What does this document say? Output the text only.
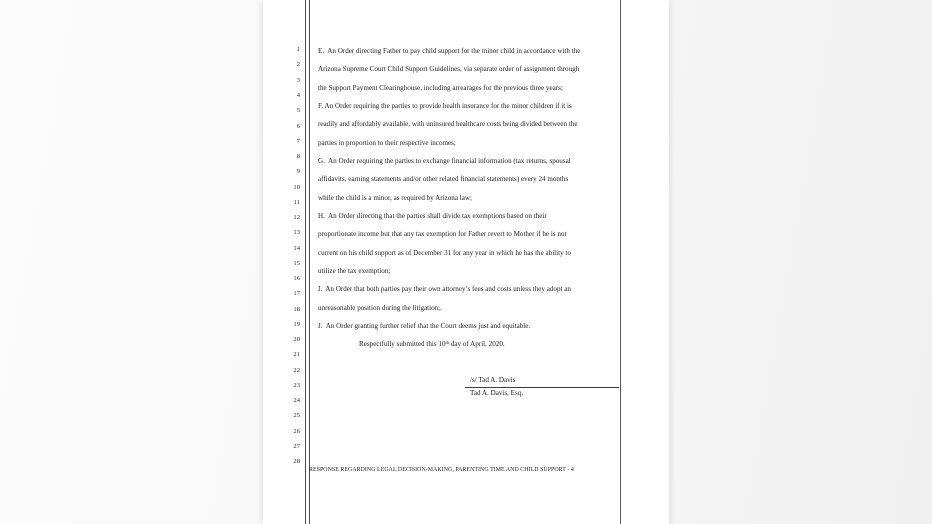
1
2
3
4
5
6
7
8
9
10
11
12
13
14
15
16
17
18
19
20
21
22
23
24
25
26
27
28
E.  An Order directing Father to pay child support for the minor child in accordance with the
Arizona Supreme Court Child Support Guidelines, via separate order of assignment through
the Support Payment Clearinghouse, including arrearages for the previous three years;
F. An Order requiring the parties to provide health insurance for the minor children if it is
readily and affordably available, with uninsured healthcare costs being divided between the
parties in proportion to their respective incomes;
G.  An Order requiring the parties to exchange financial information (tax returns, spousal
affidavits, earning statements and/or other related financial statements) every 24 months
while the child is a minor, as required by Arizona law;
H.  An Order directing that the parties shall divide tax exemptions based on their
proportionate income but that any tax exemption for Father revert to Mother if he is not
current on his child support as of December 31 for any year in which he has the ability to
utilize the tax exemption;
I.  An Order that both parties pay their own attorney’s fees and costs unless they adopt an
unreasonable position during the litigation;.
J.  An Order granting further relief that the Court deems just and equitable.
Respectfully submitted this 10th day of April, 2020.
/s/ Tad A. Davis
Tad A. Davis, Esq.
RESPONSE REGARDING LEGAL DECISION-MAKING, PARENTING TIME AND CHILD SUPPORT - 4
